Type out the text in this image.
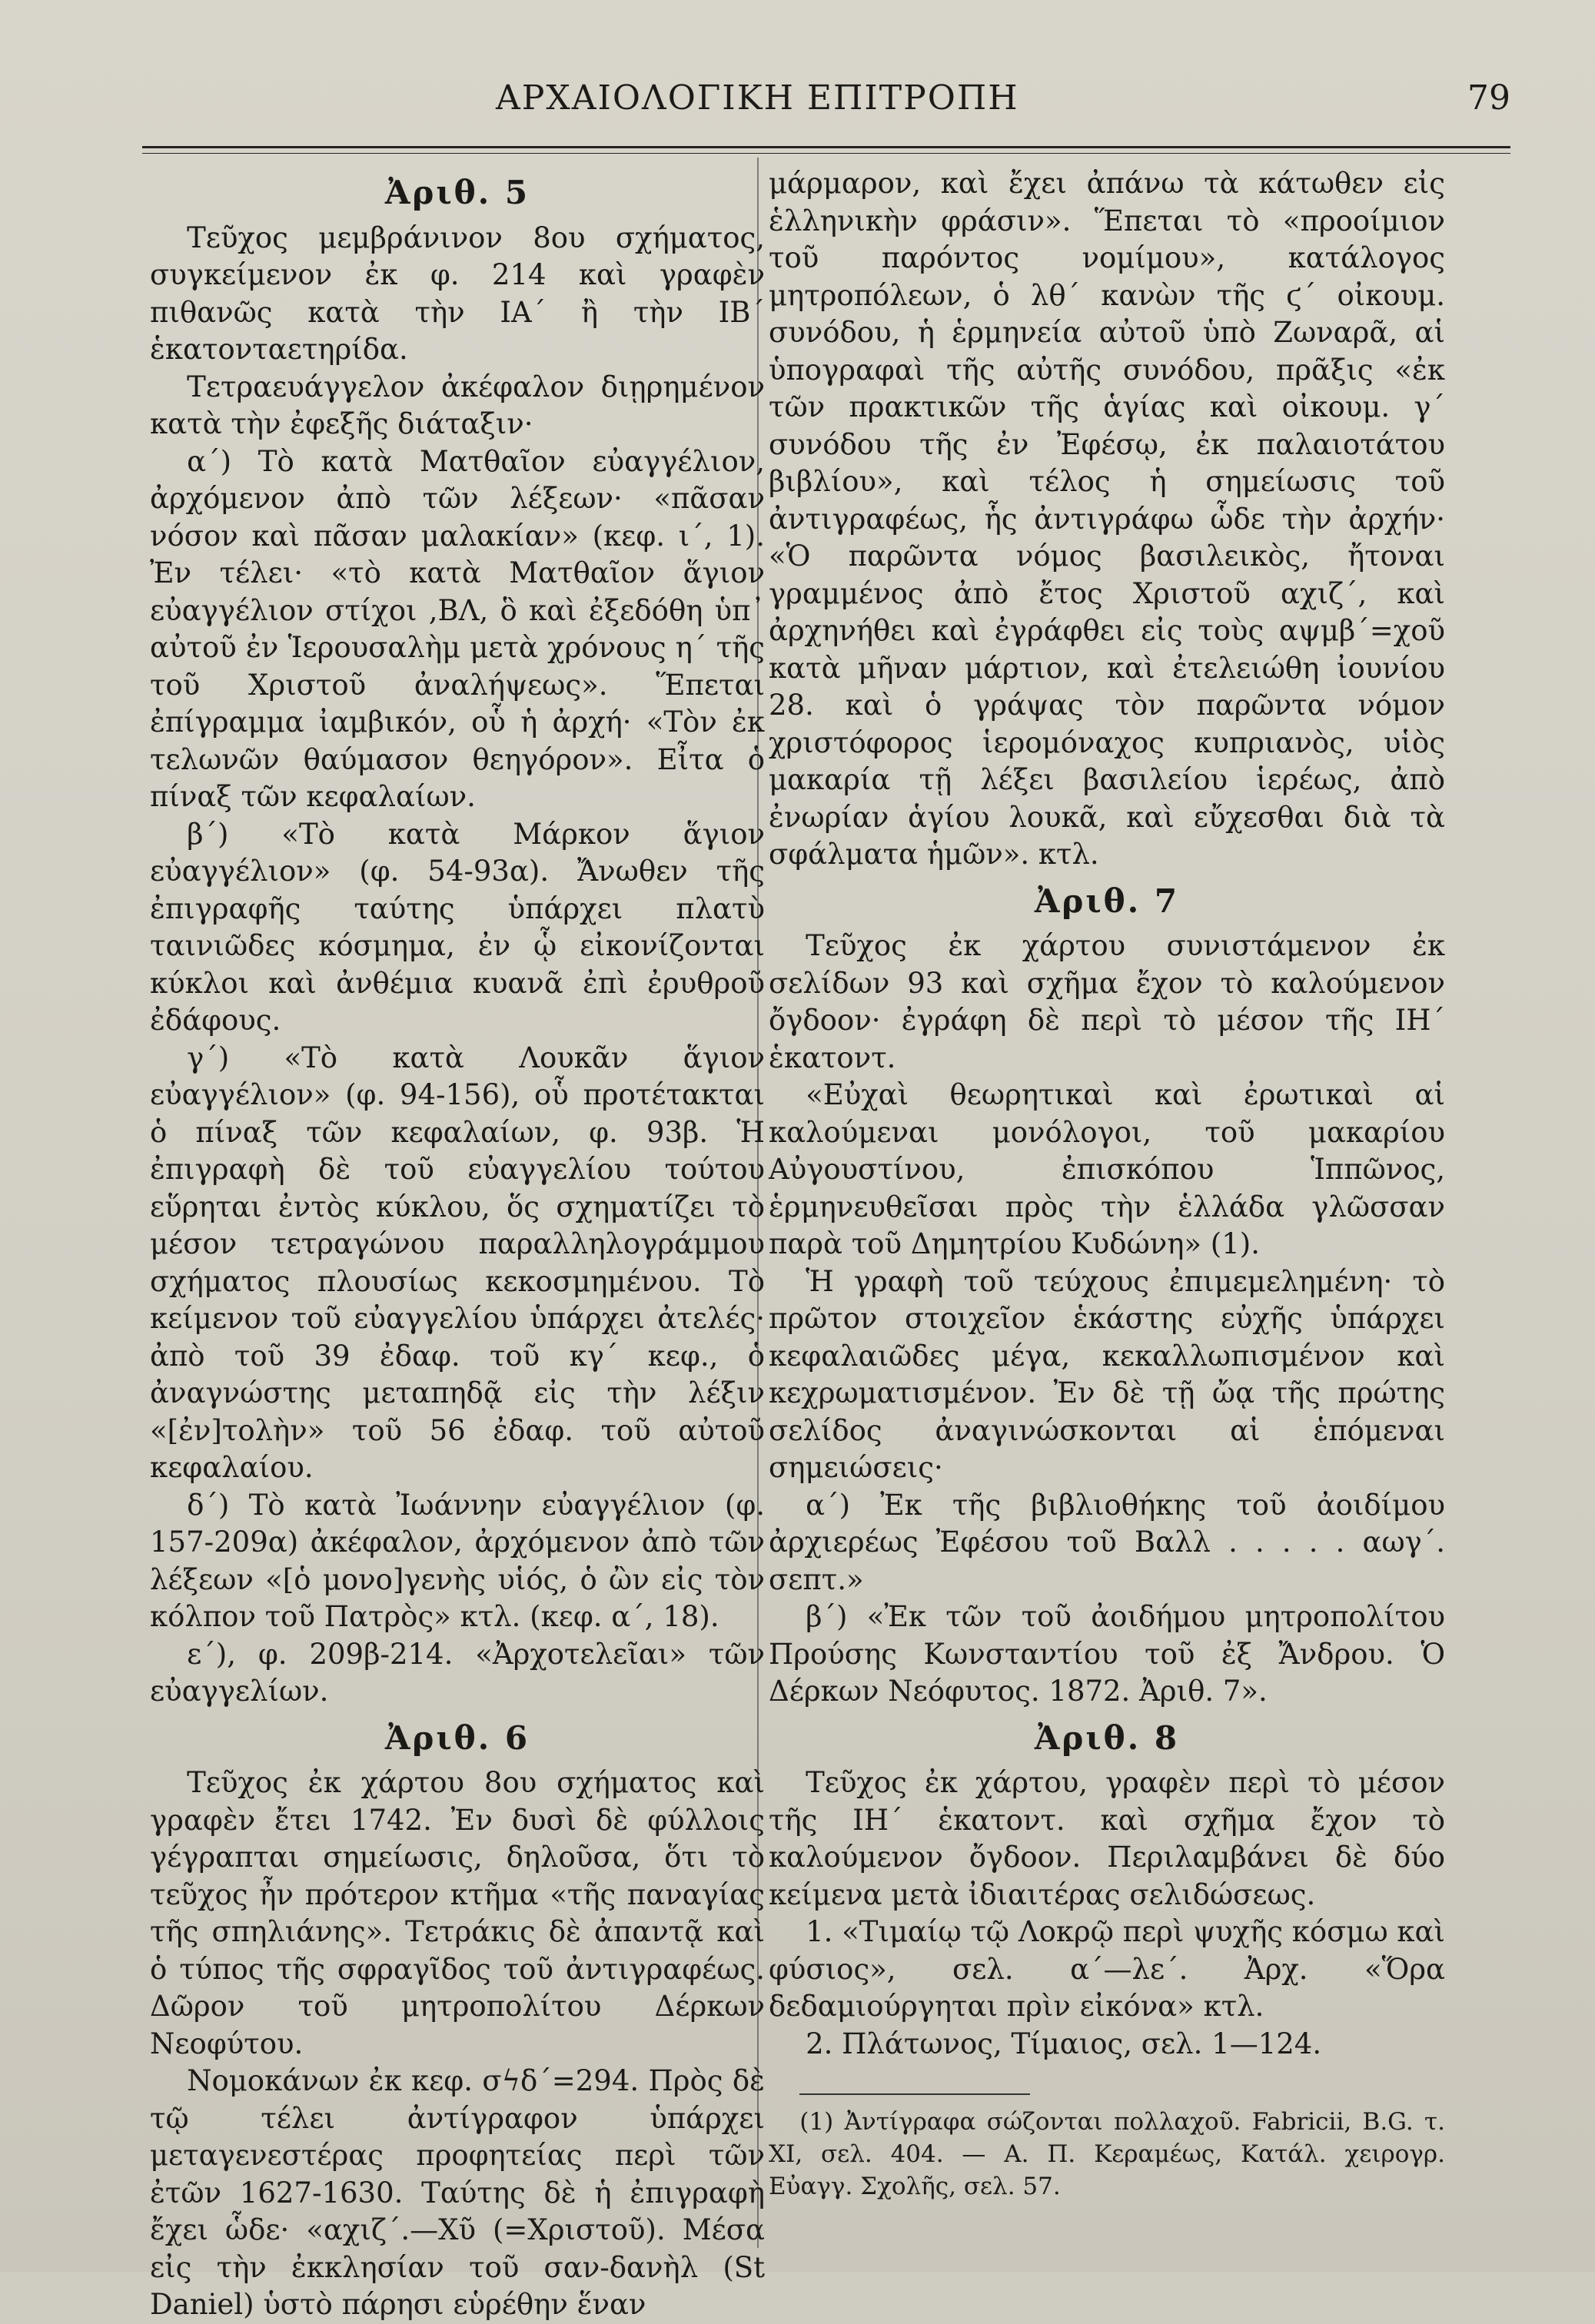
ΑΡΧΑΙΟΛΟΓΙΚΗ ΕΠΙΤΡΟΠΗ	79
Ἀριθ. 5

Τεῦχος μεμβράνινον 8ου σχήματος, συγκείμενον ἐκ φ. 214 καὶ γραφὲν πιθανῶς κατὰ τὴν ΙΑ΄ ἢ τὴν ΙΒ΄ ἑκατονταετηρίδα.

Τετραευάγγελον ἀκέφαλον διῃρημένον κατὰ τὴν ἐφεξῆς διάταξιν·

α΄) Τὸ κατὰ Ματθαῖον εὐαγγέλιον, ἀρχόμενον ἀπὸ τῶν λέξεων· «πᾶσαν νόσον καὶ πᾶσαν μαλακίαν» (κεφ. ι΄, 1). Ἐν τέλει· «τὸ κατὰ Ματθαῖον ἅγιον εὐαγγέλιον στίχοι ,ΒΛ, ὃ καὶ ἐξεδόθη ὑπ᾽ αὐτοῦ ἐν Ἱερουσαλὴμ μετὰ χρόνους η΄ τῆς τοῦ Χριστοῦ ἀναλήψεως». Ἕπεται ἐπίγραμμα ἰαμβικόν, οὗ ἡ ἀρχή· «Τὸν ἐκ τελωνῶν θαύμασον θεηγόρον». Εἶτα ὁ πίναξ τῶν κεφαλαίων.

β΄) «Τὸ κατὰ Μάρκον ἅγιον εὐαγγέλιον» (φ. 54-93α). Ἄνωθεν τῆς ἐπιγραφῆς ταύτης ὑπάρχει πλατὺ ταινιῶδες κόσμημα, ἐν ᾧ εἰκονίζονται κύκλοι καὶ ἀνθέμια κυανᾶ ἐπὶ ἐρυθροῦ ἐδάφους.

γ΄) «Τὸ κατὰ Λουκᾶν ἅγιον εὐαγγέλιον» (φ. 94-156), οὗ προτέτακται ὁ πίναξ τῶν κεφαλαίων, φ. 93β. Ἡ ἐπιγραφὴ δὲ τοῦ εὐαγγελίου τούτου εὕρηται ἐντὸς κύκλου, ὅς σχηματίζει τὸ μέσον τετραγώνου παραλληλογράμμου σχήματος πλουσίως κεκοσμημένου. Τὸ κείμενον τοῦ εὐαγγελίου ὑπάρχει ἀτελές· ἀπὸ τοῦ 39 ἐδαφ. τοῦ κγ΄ κεφ., ὁ ἀναγνώστης μεταπηδᾷ εἰς τὴν λέξιν «[ἐν]τολὴν» τοῦ 56 ἐδαφ. τοῦ αὐτοῦ κεφαλαίου.

δ΄) Τὸ κατὰ Ἰωάννην εὐαγγέλιον (φ. 157-209α) ἀκέφαλον, ἀρχόμενον ἀπὸ τῶν λέξεων «[ὁ μονο]γενὴς υἱός, ὁ ὢν εἰς τὸν κόλπον τοῦ Πατρὸς» κτλ. (κεφ. α΄, 18).

ε΄), φ. 209β-214. «Ἀρχοτελεῖαι» τῶν εὐαγγελίων.

Ἀριθ. 6

Τεῦχος ἐκ χάρτου 8ου σχήματος καὶ γραφὲν ἔτει 1742. Ἐν δυσὶ δὲ φύλλοις γέγραπται σημείωσις, δηλοῦσα, ὅτι τὸ τεῦχος ἦν πρότερον κτῆμα «τῆς παναγίας τῆς σπηλιάνης». Τετράκις δὲ ἀπαντᾷ καὶ ὁ τύπος τῆς σφραγῖδος τοῦ ἀντιγραφέως. Δῶρον τοῦ μητροπολίτου Δέρκων Νεοφύτου.

Νομοκάνων ἐκ κεφ. σϟδ΄=294. Πρὸς δὲ τῷ τέλει ἀντίγραφον ὑπάρχει μεταγενεστέρας προφητείας περὶ τῶν ἐτῶν 1627-1630. Ταύτης δὲ ἡ ἐπιγραφὴ ἔχει ὧδε· «αχιζ΄.—Χῦ (=Χριστοῦ). Μέσα εἰς τὴν ἐκκλησίαν τοῦ σαν-δανὴλ (St Daniel) ὑστὸ πάρησι εὑρέθην ἕναν

μάρμαρον, καὶ ἔχει ἀπάνω τὰ κάτωθεν εἰς ἑλληνικὴν φράσιν». Ἕπεται τὸ «προοίμιον τοῦ παρόντος νομίμου», κατάλογος μητροπόλεων, ὁ λθ΄ κανὼν τῆς ϛ΄ οἰκουμ. συνόδου, ἡ ἑρμηνεία αὐτοῦ ὑπὸ Ζωναρᾶ, αἱ ὑπογραφαὶ τῆς αὐτῆς συνόδου, πρᾶξις «ἐκ τῶν πρακτικῶν τῆς ἁγίας καὶ οἰκουμ. γ΄ συνόδου τῆς ἐν Ἐφέσῳ, ἐκ παλαιοτάτου βιβλίου», καὶ τέλος ἡ σημείωσις τοῦ ἀντιγραφέως, ἧς ἀντιγράφω ὧδε τὴν ἀρχήν· «Ὁ παρῶντα νόμος βασιλεικὸς, ἤτοναι γραμμένος ἀπὸ ἔτος Χριστοῦ αχιζ΄, καὶ ἀρχηνήθει καὶ ἐγράφθει εἰς τοὺς αψμβ΄=χοῦ κατὰ μῆναν μάρτιον, καὶ ἐτελειώθη ἰουνίου 28. καὶ ὁ γράψας τὸν παρῶντα νόμον χριστόφορος ἱερομόναχος κυπριανὸς, υἱὸς μακαρία τῇ λέξει βασιλείου ἱερέως, ἀπὸ ἐνωρίαν ἁγίου λουκᾶ, καὶ εὔχεσθαι διὰ τὰ σφάλματα ἡμῶν». κτλ.

Ἀριθ. 7

Τεῦχος ἐκ χάρτου συνιστάμενον ἐκ σελίδων 93 καὶ σχῆμα ἔχον τὸ καλούμενον ὄγδοον· ἐγράφη δὲ περὶ τὸ μέσον τῆς ΙΗ΄ ἑκατοντ.

«Εὐχαὶ θεωρητικαὶ καὶ ἐρωτικαὶ αἱ καλούμεναι μονόλογοι, τοῦ μακαρίου Αὐγουστίνου, ἐπισκόπου Ἱππῶνος, ἑρμηνευθεῖσαι πρὸς τὴν ἑλλάδα γλῶσσαν παρὰ τοῦ Δημητρίου Κυδώνη» (1).

Ἡ γραφὴ τοῦ τεύχους ἐπιμεμελημένη· τὸ πρῶτον στοιχεῖον ἑκάστης εὐχῆς ὑπάρχει κεφαλαιῶδες μέγα, κεκαλλωπισμένον καὶ κεχρωματισμένον. Ἐν δὲ τῇ ὤᾳ τῆς πρώτης σελίδος ἀναγινώσκονται αἱ ἑπόμεναι σημειώσεις·

α΄) Ἐκ τῆς βιβλιοθήκης τοῦ ἀοιδίμου ἀρχιερέως Ἐφέσου τοῦ Βαλλ . . . . . αωγ΄. σεπτ.»

β΄) «Ἐκ τῶν τοῦ ἀοιδήμου μητροπολίτου Προύσης Κωνσταντίου τοῦ ἐξ Ἄνδρου. Ὁ Δέρκων Νεόφυτος. 1872. Ἀριθ. 7».

Ἀριθ. 8

Τεῦχος ἐκ χάρτου, γραφὲν περὶ τὸ μέσον τῆς ΙΗ΄ ἑκατοντ. καὶ σχῆμα ἔχον τὸ καλούμενον ὄγδοον. Περιλαμβάνει δὲ δύο κείμενα μετὰ ἰδιαιτέρας σελιδώσεως.

1. «Τιμαίῳ τῷ Λοκρῷ περὶ ψυχῆς κόσμω καὶ φύσιος», σελ. α΄—λε΄. Ἀρχ. «Ὅρα δεδαμιούργηται πρὶν εἰκόνα» κτλ.

2. Πλάτωνος, Τίμαιος, σελ. 1—124.

(1) Ἀντίγραφα σώζονται πολλαχοῦ. Fabricii, B.G. τ. XI, σελ. 404. — Α. Π. Κεραμέως, Κατάλ. χειρογρ. Εὐαγγ. Σχολῆς, σελ. 57.
